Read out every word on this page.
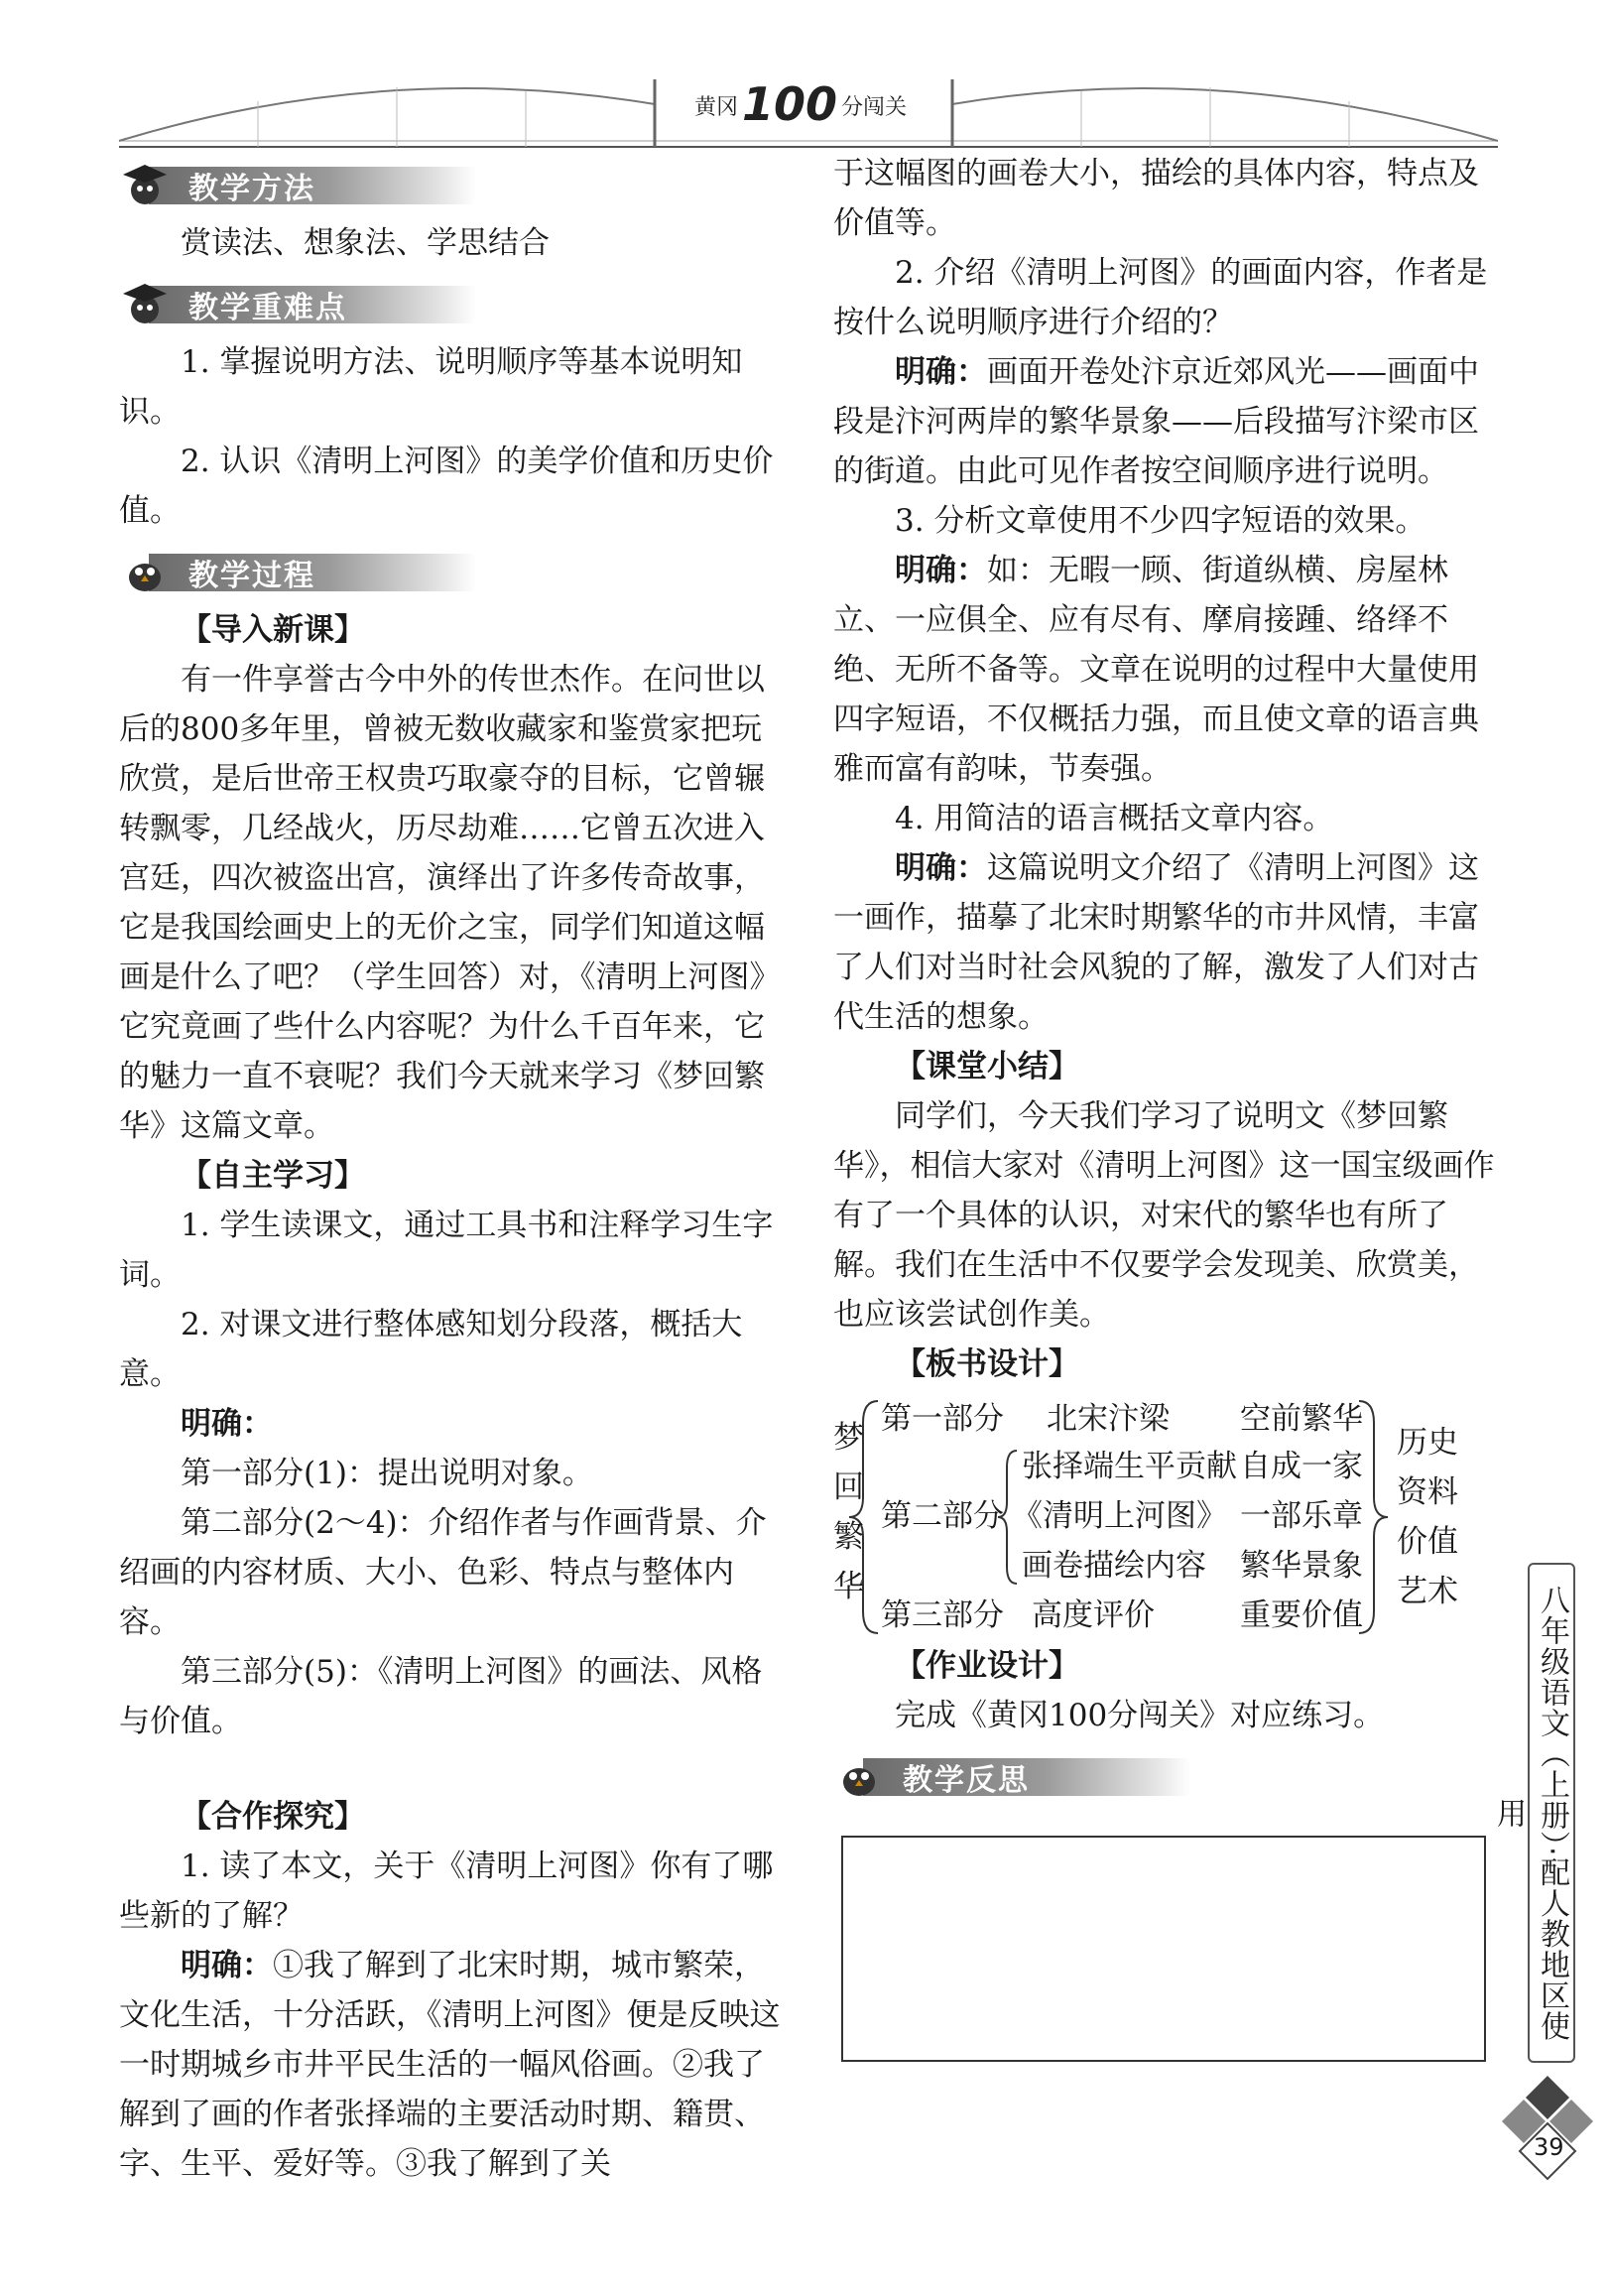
黄冈100 分闯关
教学方法

赏读法、想象法、学思结合

教学重难点

1. 掌握说明方法、说明顺序等基本说明知识。

2. 认识《清明上河图》的美学价值和历史价值。

教学过程

【导入新课】

有一件享誉古今中外的传世杰作。在问世以后的800多年里，曾被无数收藏家和鉴赏家把玩欣赏，是后世帝王权贵巧取豪夺的目标，它曾辗转飘零，几经战火，历尽劫难……它曾五次进入宫廷，四次被盗出宫，演绎出了许多传奇故事，它是我国绘画史上的无价之宝，同学们知道这幅画是什么了吧？（学生回答）对，《清明上河图》它究竟画了些什么内容呢？为什么千百年来，它的魅力一直不衰呢？我们今天就来学习《梦回繁华》这篇文章。

【自主学习】

1. 学生读课文，通过工具书和注释学习生字词。

2. 对课文进行整体感知划分段落，概括大意。

明确：

第一部分(1)：提出说明对象。

第二部分(2～4)：介绍作者与作画背景、介绍画的内容材质、大小、色彩、特点与整体内容。

第三部分(5)：《清明上河图》的画法、风格与价值。

【合作探究】

1. 读了本文，关于《清明上河图》你有了哪些新的了解？

明确：①我了解到了北宋时期，城市繁荣，文化生活，十分活跃，《清明上河图》便是反映这一时期城乡市井平民生活的一幅风俗画。②我了解到了画的作者张择端的主要活动时期、籍贯、字、生平、爱好等。③我了解到了关

于这幅图的画卷大小，描绘的具体内容，特点及价值等。

2. 介绍《清明上河图》的画面内容，作者是按什么说明顺序进行介绍的？

明确：画面开卷处汴京近郊风光——画面中段是汴河两岸的繁华景象——后段描写汴梁市区的街道。由此可见作者按空间顺序进行说明。

3. 分析文章使用不少四字短语的效果。

明确：如：无暇一顾、街道纵横、房屋林立、一应俱全、应有尽有、摩肩接踵、络绎不绝、无所不备等。文章在说明的过程中大量使用四字短语，不仅概括力强，而且使文章的语言典雅而富有韵味，节奏强。

4. 用简洁的语言概括文章内容。

明确：这篇说明文介绍了《清明上河图》这一画作，描摹了北宋时期繁华的市井风情，丰富了人们对当时社会风貌的了解，激发了人们对古代生活的想象。

【课堂小结】

同学们，今天我们学习了说明文《梦回繁华》，相信大家对《清明上河图》这一国宝级画作有了一个具体的认识，对宋代的繁华也有所了解。我们在生活中不仅要学会发现美、欣赏美，也应该尝试创作美。

【板书设计】

梦回繁华
第一部分 北宋汴梁 空前繁华
第二部分
张择端生平贡献 自成一家
《清明上河图》 一部乐章
画卷描绘内容 繁华景象
第三部分 高度评价	重要价值
历史
资料
价值
艺术

【作业设计】

完成《黄冈100分闯关》对应练习。

教学反思	八年级语文（上册）·配人教地区使用
39
